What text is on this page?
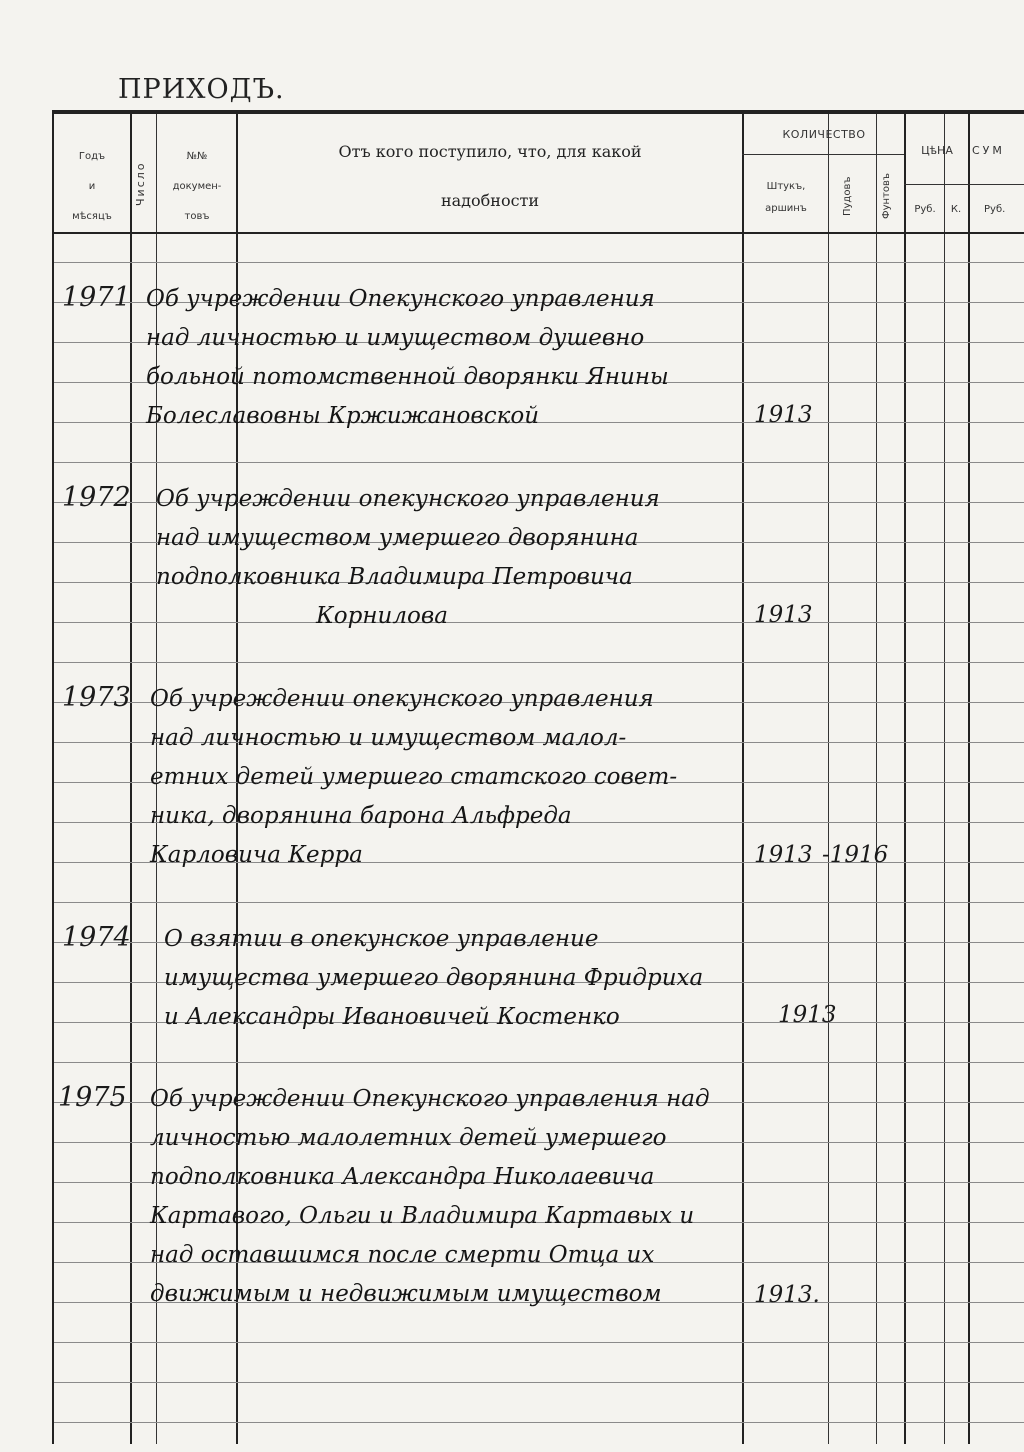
ПРИХОДЪ.
Годъ
и
мѣсяцъ
Число
№№
докумен-
товъ
Отъ кого поступило, что, для какой
надобности
КОЛИЧЕСТВО
Штукъ,
аршинъ	Пудовъ	Фунтовъ
ЦѣНА
Руб.	К.
СУМ
Руб.
1971 Об учреждении Опекунского управления
над личностью и имуществом душевно
больной потомственной дворянки Янины
Болеславовны Кржижановской	1913
1972 Об учреждении опекунского управления
над имуществом умершего дворянина
подполковника Владимира Петровича
Корнилова	1913
1973 Об учреждении опекунского управления
над личностью и имуществом малол-
етних детей умершего статского совет-
ника, дворянина барона Альфреда
Карловича Керра	1913 -1916
1974 О взятии в опекунское управление
имущества умершего дворянина Фридриха
и Александры Ивановичей Костенко	1913
1975 Об учреждении Опекунского управления над
личностью малолетних детей умершего
подполковника Александра Николаевича
Картавого, Ольги и Владимира Картавых и
над оставшимся после смерти Отца их
движимым и недвижимым имуществом	1913.
